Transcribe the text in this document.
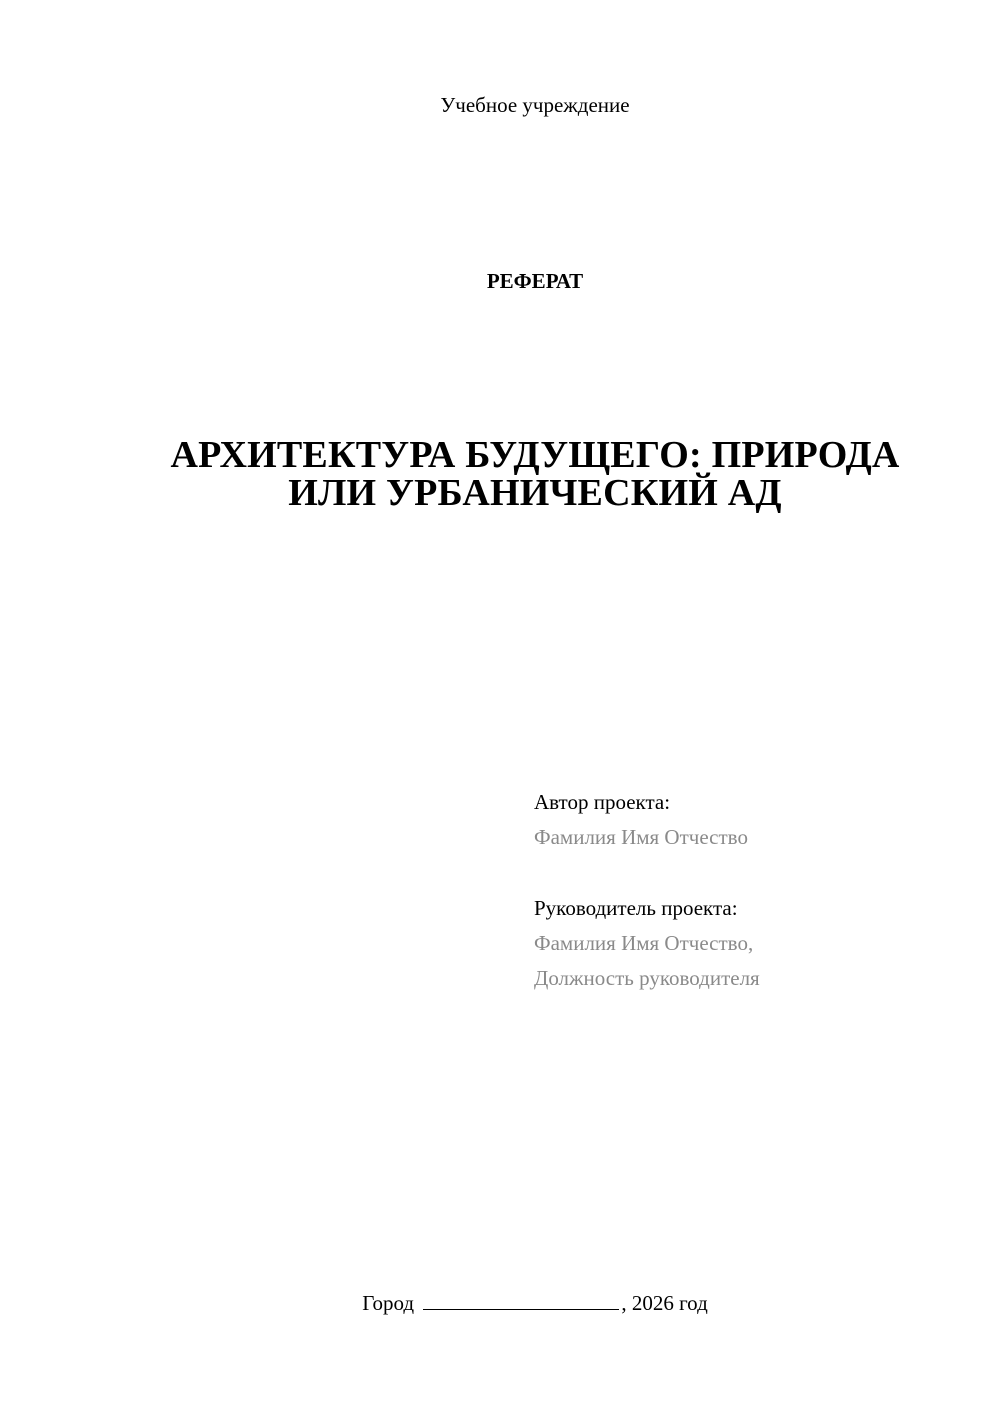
Учебное учреждение
РЕФЕРАТ
АРХИТЕКТУРА БУДУЩЕГО: ПРИРОДА
ИЛИ УРБАНИЧЕСКИЙ АД
Автор проекта:
Фамилия Имя Отчество
Руководитель проекта:
Фамилия Имя Отчество,
Должность руководителя
Город	, 2026 год
